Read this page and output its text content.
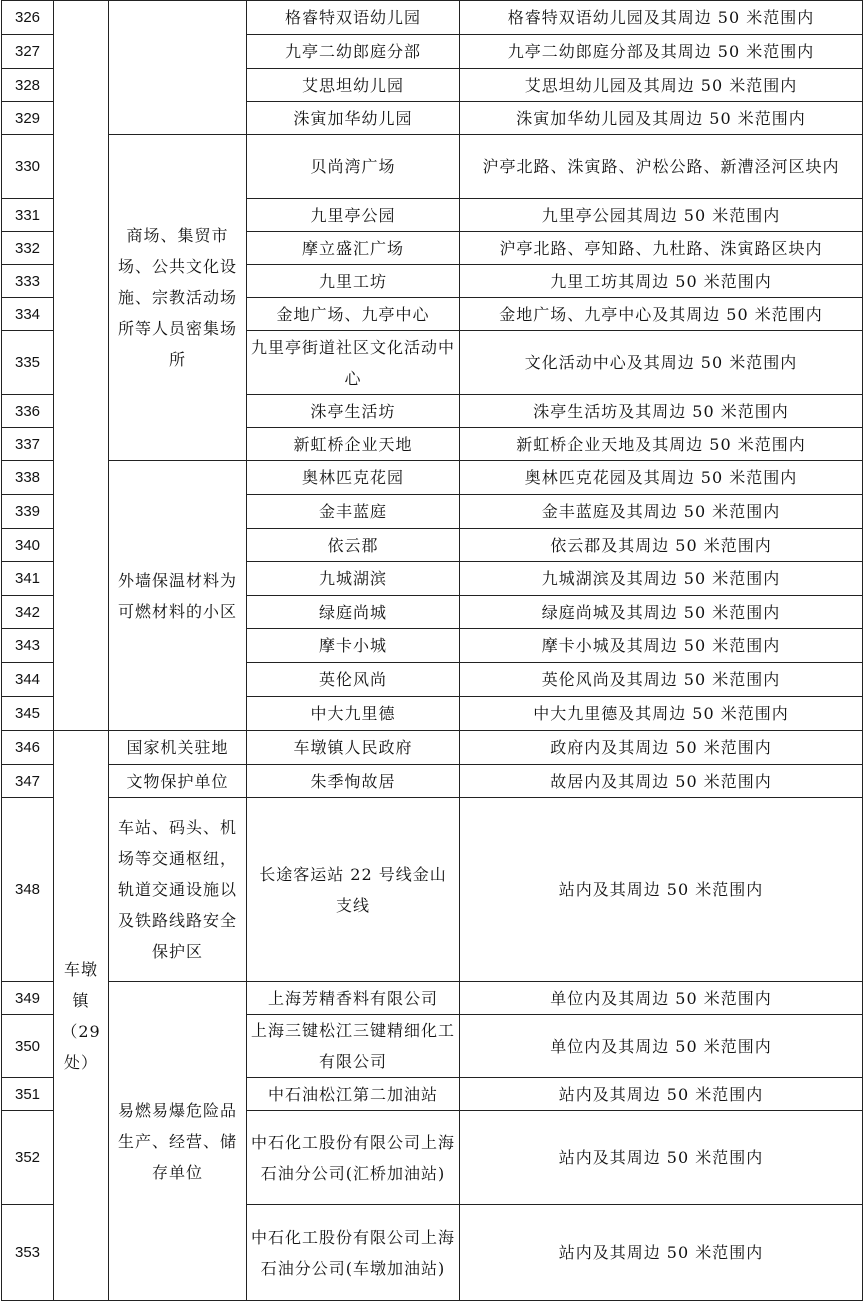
326			格睿特双语幼儿园	格睿特双语幼儿园及其周边 50 米范围内
327			九亭二幼郎庭分部	九亭二幼郎庭分部及其周边 50 米范围内
328			艾思坦幼儿园	艾思坦幼儿园及其周边 50 米范围内
329			洙寅加华幼儿园	洙寅加华幼儿园及其周边 50 米范围内
330		商场、集贸市场、公共文化设施、宗教活动场所等人员密集场所	贝尚湾广场	沪亭北路、洙寅路、沪松公路、新漕泾河区块内
331			九里亭公园	九里亭公园其周边 50 米范围内
332			摩立盛汇广场	沪亭北路、亭知路、九杜路、洙寅路区块内
333			九里工坊	九里工坊其周边 50 米范围内
334			金地广场、九亭中心	金地广场、九亭中心及其周边 50 米范围内
335			九里亭街道社区文化活动中心	文化活动中心及其周边 50 米范围内
336			洙亭生活坊	洙亭生活坊及其周边 50 米范围内
337			新虹桥企业天地	新虹桥企业天地及其周边 50 米范围内
338		外墙保温材料为可燃材料的小区	奥林匹克花园	奥林匹克花园及其周边 50 米范围内
339			金丰蓝庭	金丰蓝庭及其周边 50 米范围内
340			依云郡	依云郡及其周边 50 米范围内
341			九城湖滨	九城湖滨及其周边 50 米范围内
342			绿庭尚城	绿庭尚城及其周边 50 米范围内
343			摩卡小城	摩卡小城及其周边 50 米范围内
344			英伦风尚	英伦风尚及其周边 50 米范围内
345			中大九里德	中大九里德及其周边 50 米范围内
346	车墩镇（29处）	国家机关驻地	车墩镇人民政府	政府内及其周边 50 米范围内
347		文物保护单位	朱季恂故居	故居内及其周边 50 米范围内
348		车站、码头、机场等交通枢纽，轨道交通设施以及铁路线路安全保护区	长途客运站 22 号线金山支线	站内及其周边 50 米范围内
349		易燃易爆危险品生产、经营、储存单位	上海芳精香料有限公司	单位内及其周边 50 米范围内
350			上海三键松江三键精细化工有限公司	单位内及其周边 50 米范围内
351			中石油松江第二加油站	站内及其周边 50 米范围内
352			中石化工股份有限公司上海石油分公司(汇桥加油站)	站内及其周边 50 米范围内
353			中石化工股份有限公司上海石油分公司(车墩加油站)	站内及其周边 50 米范围内
